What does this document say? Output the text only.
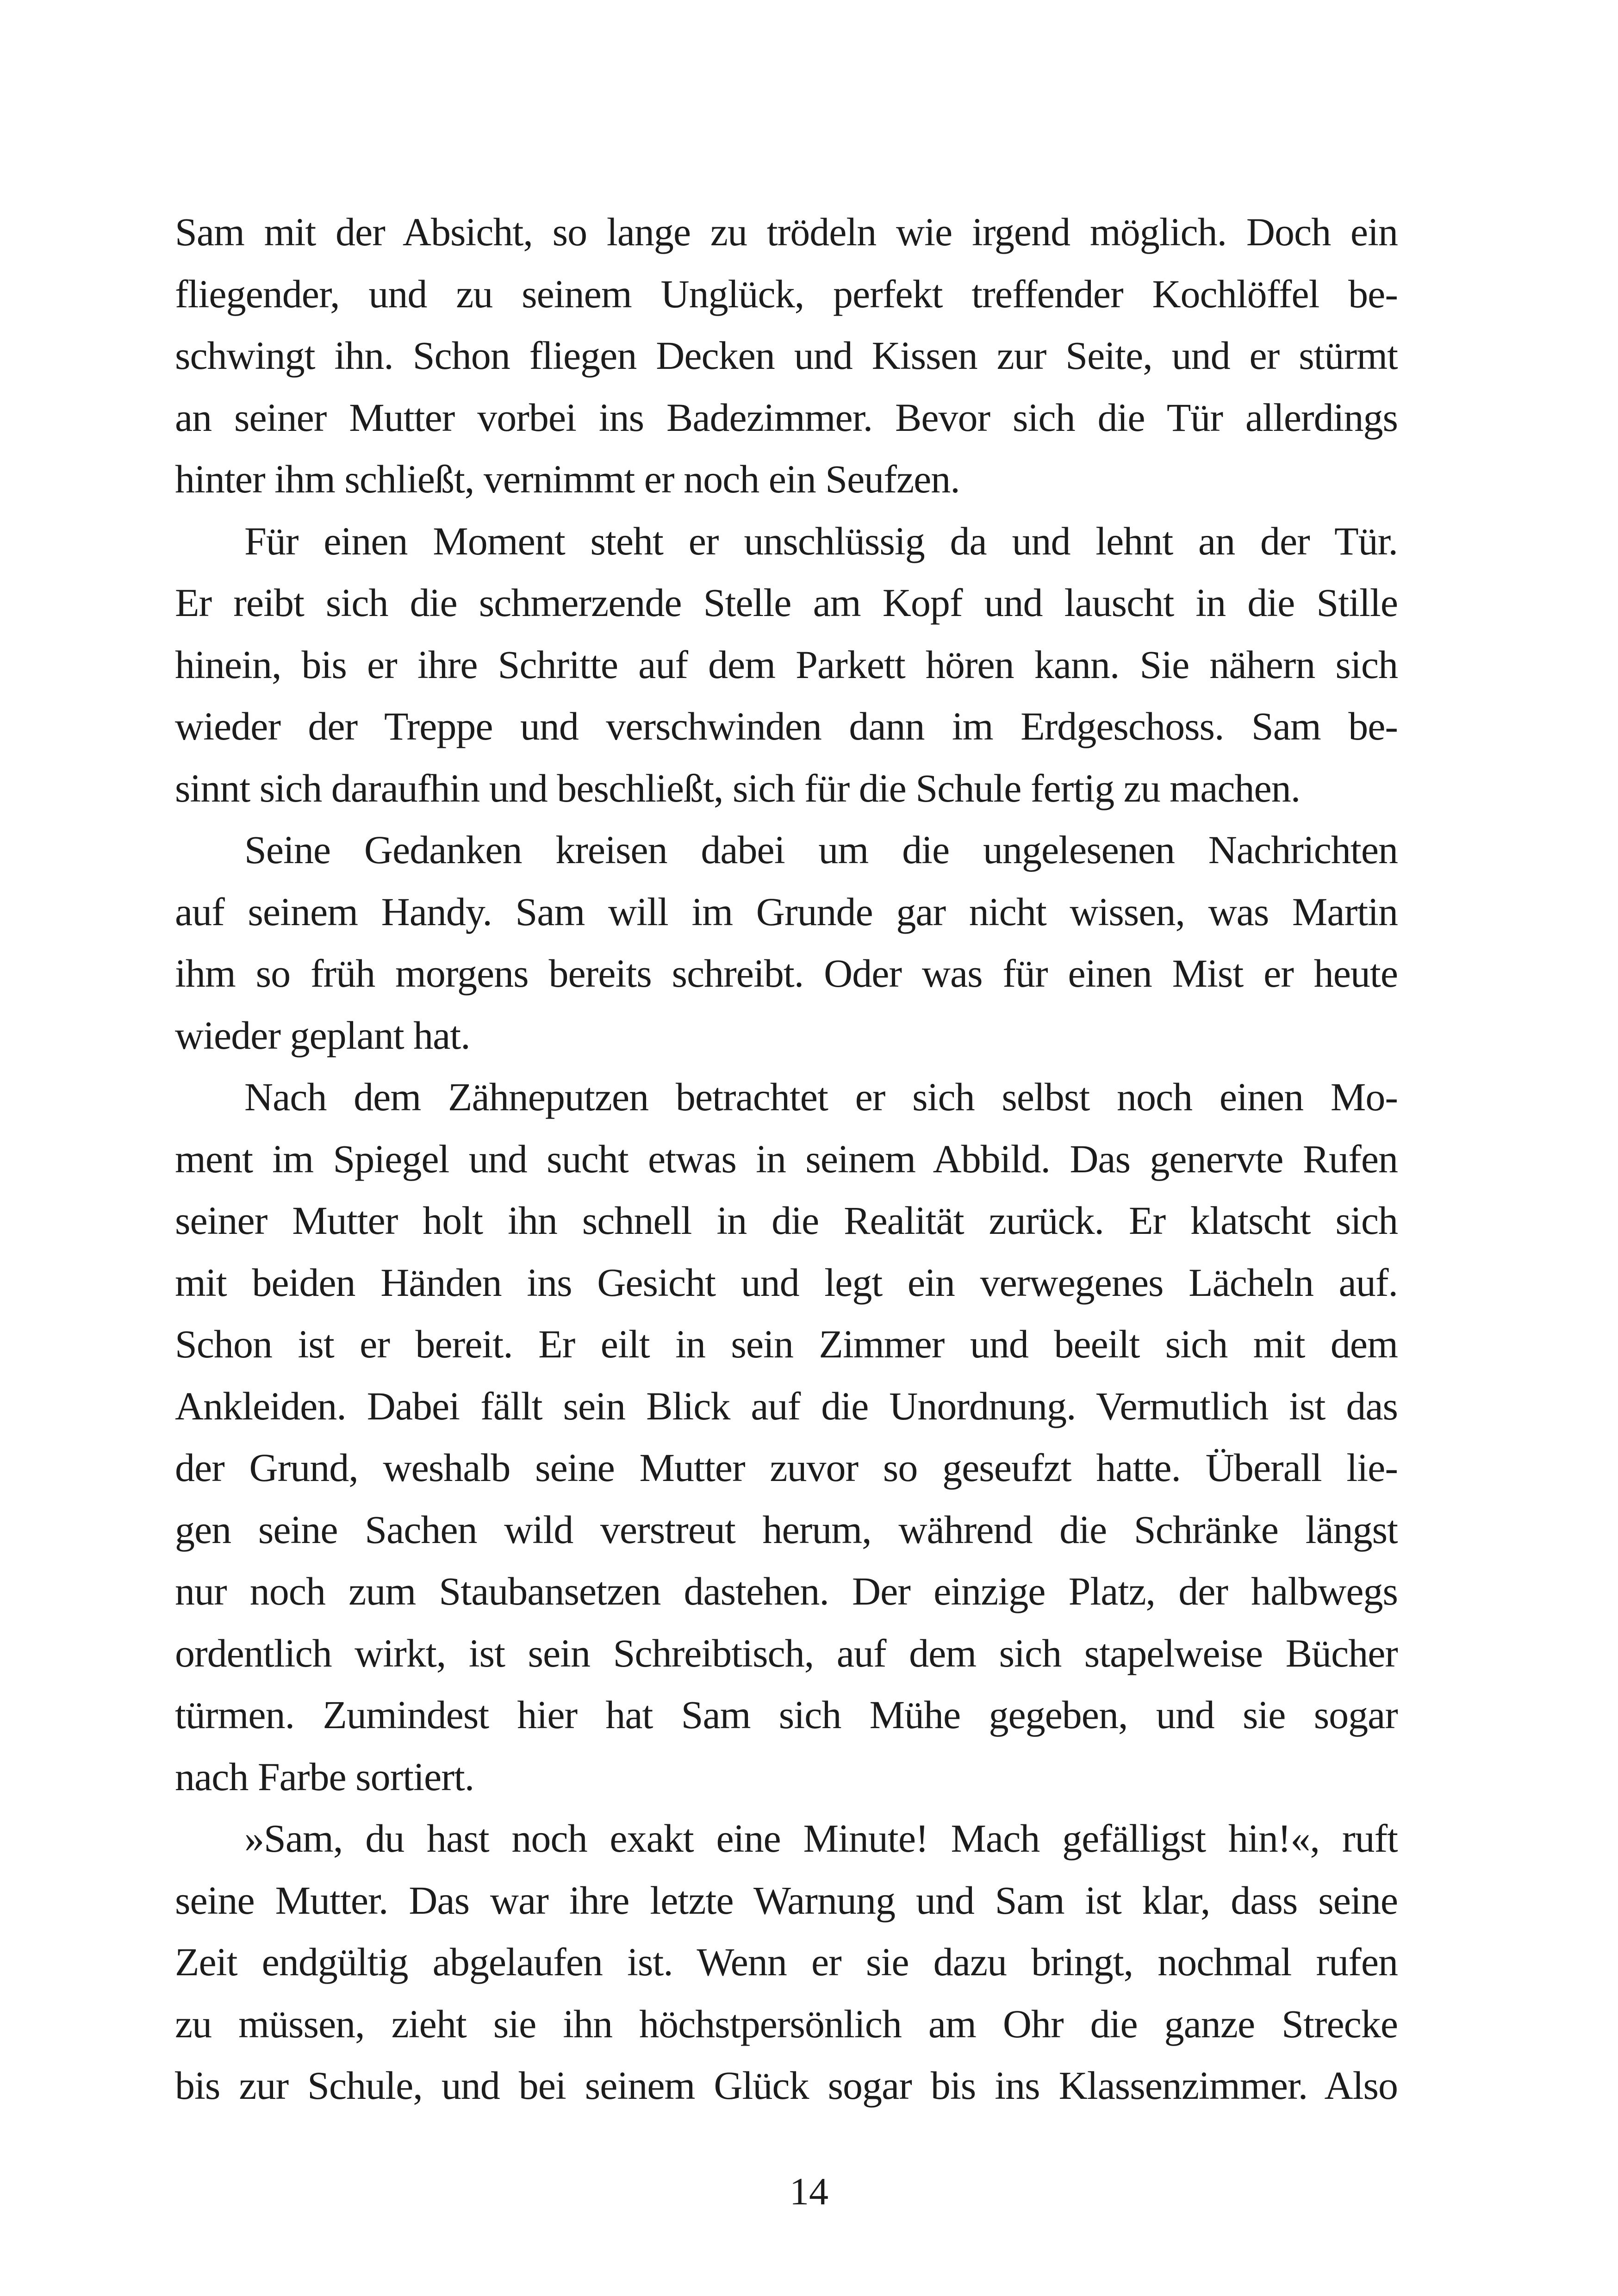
Sam mit der Absicht, so lange zu trödeln wie irgend möglich. Doch ein
fliegender, und zu seinem Unglück, perfekt treffender Kochlöffel be-
schwingt ihn. Schon fliegen Decken und Kissen zur Seite, und er stürmt
an seiner Mutter vorbei ins Badezimmer. Bevor sich die Tür allerdings
hinter ihm schließt, vernimmt er noch ein Seufzen.
Für einen Moment steht er unschlüssig da und lehnt an der Tür.
Er reibt sich die schmerzende Stelle am Kopf und lauscht in die Stille
hinein, bis er ihre Schritte auf dem Parkett hören kann. Sie nähern sich
wieder der Treppe und verschwinden dann im Erdgeschoss. Sam be-
sinnt sich daraufhin und beschließt, sich für die Schule fertig zu machen.
Seine Gedanken kreisen dabei um die ungelesenen Nachrichten
auf seinem Handy. Sam will im Grunde gar nicht wissen, was Martin
ihm so früh morgens bereits schreibt. Oder was für einen Mist er heute
wieder geplant hat.
Nach dem Zähneputzen betrachtet er sich selbst noch einen Mo-
ment im Spiegel und sucht etwas in seinem Abbild. Das genervte Rufen
seiner Mutter holt ihn schnell in die Realität zurück. Er klatscht sich
mit beiden Händen ins Gesicht und legt ein verwegenes Lächeln auf.
Schon ist er bereit. Er eilt in sein Zimmer und beeilt sich mit dem
Ankleiden. Dabei fällt sein Blick auf die Unordnung. Vermutlich ist das
der Grund, weshalb seine Mutter zuvor so geseufzt hatte. Überall lie-
gen seine Sachen wild verstreut herum, während die Schränke längst
nur noch zum Staubansetzen dastehen. Der einzige Platz, der halbwegs
ordentlich wirkt, ist sein Schreibtisch, auf dem sich stapelweise Bücher
türmen. Zumindest hier hat Sam sich Mühe gegeben, und sie sogar
nach Farbe sortiert.
»Sam, du hast noch exakt eine Minute! Mach gefälligst hin!«, ruft
seine Mutter. Das war ihre letzte Warnung und Sam ist klar, dass seine
Zeit endgültig abgelaufen ist. Wenn er sie dazu bringt, nochmal rufen
zu müssen, zieht sie ihn höchstpersönlich am Ohr die ganze Strecke
bis zur Schule, und bei seinem Glück sogar bis ins Klassenzimmer. Also
14
